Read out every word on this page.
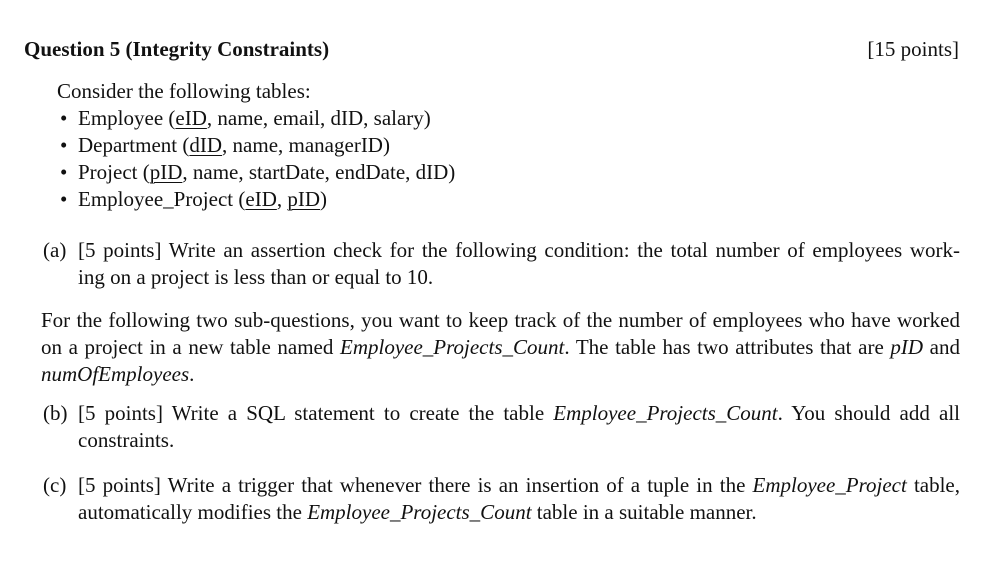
Question 5 (Integrity Constraints)	[15 points]
Consider the following tables:
• Employee (eID, name, email, dID, salary)
• Department (dID, name, managerID)
• Project (pID, name, startDate, endDate, dID)
• Employee_Project (eID, pID)
(a) [5 points] Write an assertion check for the following condition: the total number of employees work-
ing on a project is less than or equal to 10.
For the following two sub-questions, you want to keep track of the number of employees who have worked
on a project in a new table named Employee_Projects_Count. The table has two attributes that are pID and
numOfEmployees.
(b) [5 points] Write a SQL statement to create the table Employee_Projects_Count. You should add all
constraints.
(c) [5 points] Write a trigger that whenever there is an insertion of a tuple in the Employee_Project table,
automatically modifies the Employee_Projects_Count table in a suitable manner.
